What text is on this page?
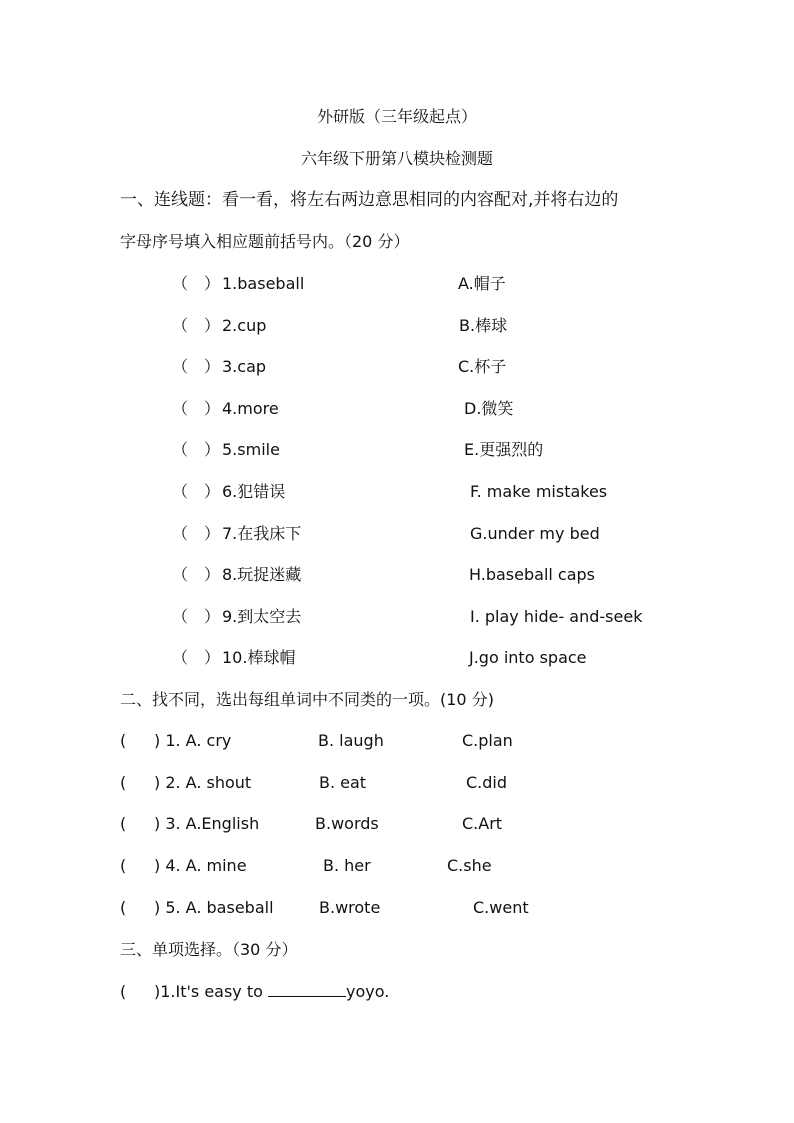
外研版（三年级起点）
六年级下册第八模块检测题
一、连线题：看一看，将左右两边意思相同的内容配对,并将右边的
字母序号填入相应题前括号内。（20 分）
（　） 1.baseball	A.帽子
（　） 2.cup	B.棒球
（　） 3.cap	C.杯子
（　） 4.more	D.微笑
（　） 5.smile	E.更强烈的
（　） 6.犯错误	F. make mistakes
（　） 7.在我床下	G.under my bed
（　） 8.玩捉迷藏	H.baseball caps
（　） 9.到太空去	I. play hide- and-seek
（　） 10.棒球帽	J.go into space
二、找不同，选出每组单词中不同类的一项。(10 分)
( ) 1. A. cry	B. laugh	C.plan
( ) 2. A. shout	B. eat	C.did
( ) 3. A.English	B.words	C.Art
( ) 4. A. mine	B. her	C.she
( ) 5. A. baseball	B.wrote	C.went
三、单项选择。（30 分）
( )1.It's easy to	yoyo.
